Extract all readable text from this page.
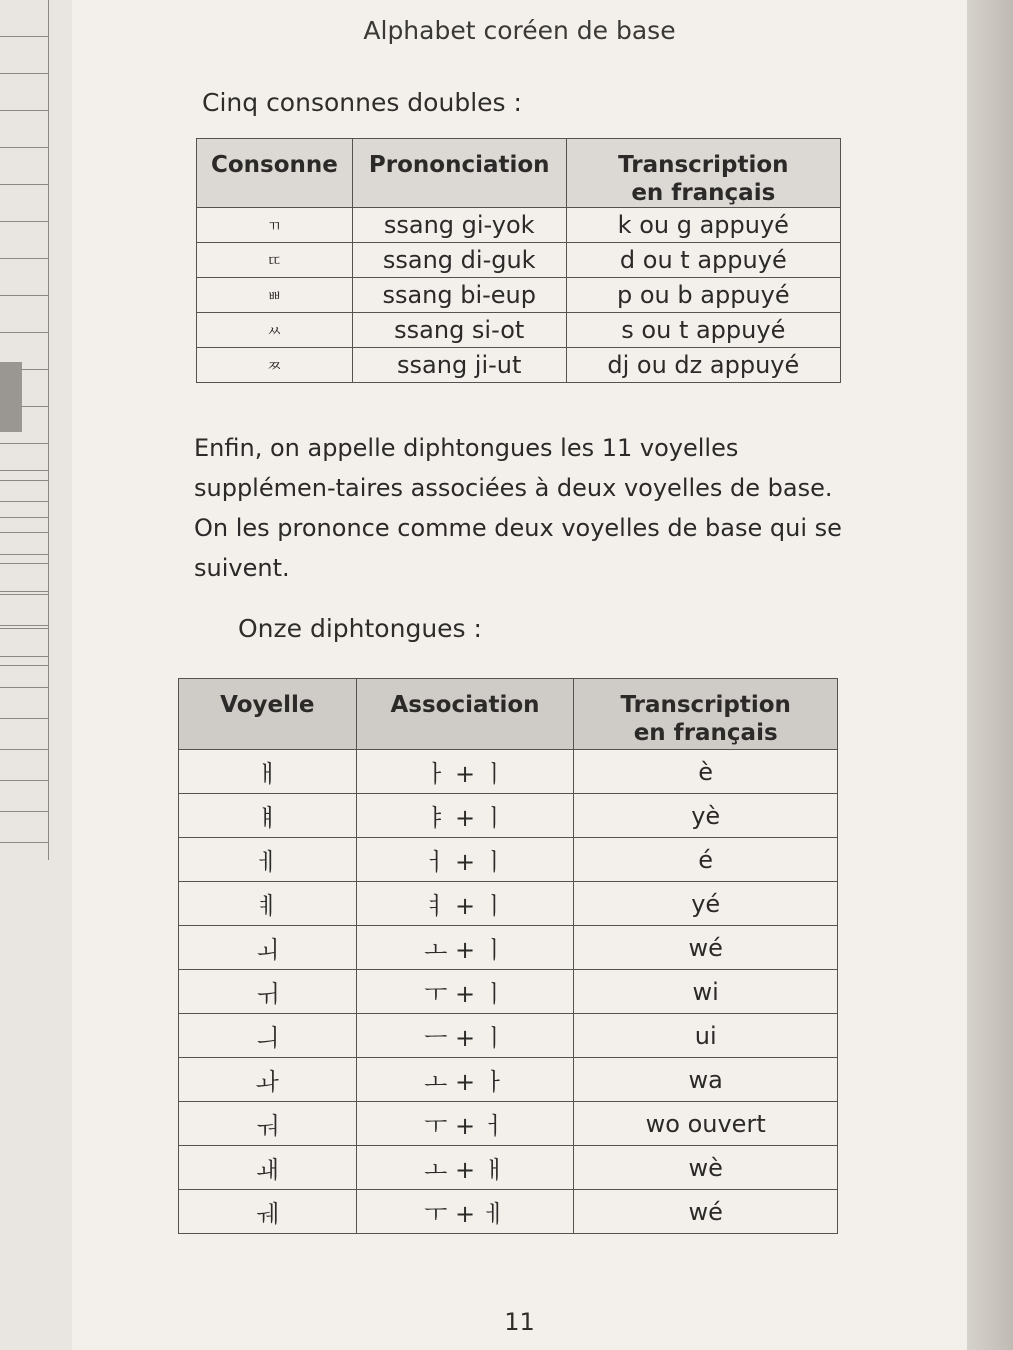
Alphabet coréen de base
Cinq consonnes doubles :
Consonne	Prononciation	Transcription
en français
ㄲ	ssang gi-yok	k ou g appuyé
ㄸ	ssang di-guk	d ou t appuyé
ㅃ	ssang bi-eup	p ou b appuyé
ㅆ	ssang si-ot	s ou t appuyé
ㅉ	ssang ji-ut	dj ou dz appuyé
Enfin, on appelle diphtongues les 11 voyelles supplémen-taires associées à deux voyelles de base. On les prononce comme deux voyelles de base qui se suivent.
Onze diphtongues :
Voyelle	Association	Transcription
en français
ㅐ	ㅏ + ㅣ	è
ㅒ	ㅑ + ㅣ	yè
ㅔ	ㅓ + ㅣ	é
ㅖ	ㅕ + ㅣ	yé
ㅚ	ㅗ + ㅣ	wé
ㅟ	ㅜ + ㅣ	wi
ㅢ	ㅡ + ㅣ	ui
ㅘ	ㅗ + ㅏ	wa
ㅝ	ㅜ + ㅓ	wo ouvert
ㅙ	ㅗ + ㅐ	wè
ㅞ	ㅜ + ㅔ	wé
11
